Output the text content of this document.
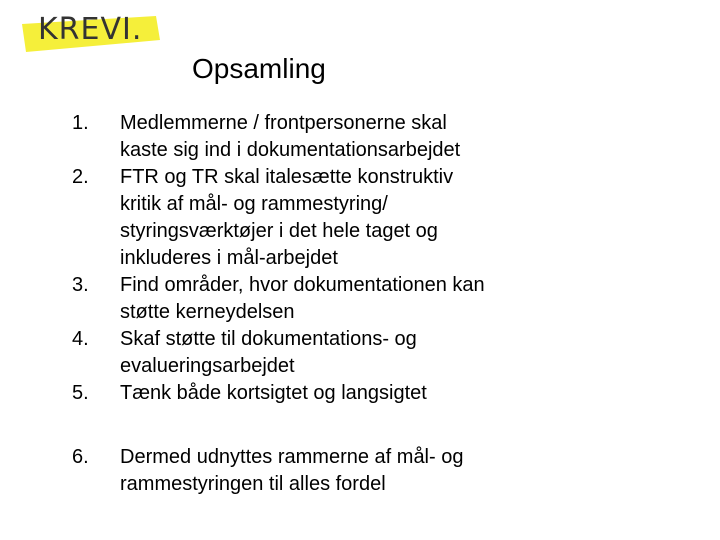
KREVI.
Opsamling
1.	Medlemmerne / frontpersonerne skal
kaste sig ind i dokumentationsarbejdet
2.	FTR og TR skal italesætte konstruktiv
kritik af mål- og rammestyring/
styringsværktøjer i det hele taget og
inkluderes i mål-arbejdet
3.	Find områder, hvor dokumentationen kan
støtte kerneydelsen
4.	Skaf støtte til dokumentations- og
evalueringsarbejdet
5.	Tænk både kortsigtet og langsigtet
6.	Dermed udnyttes rammerne af mål- og
rammestyringen til alles fordel
